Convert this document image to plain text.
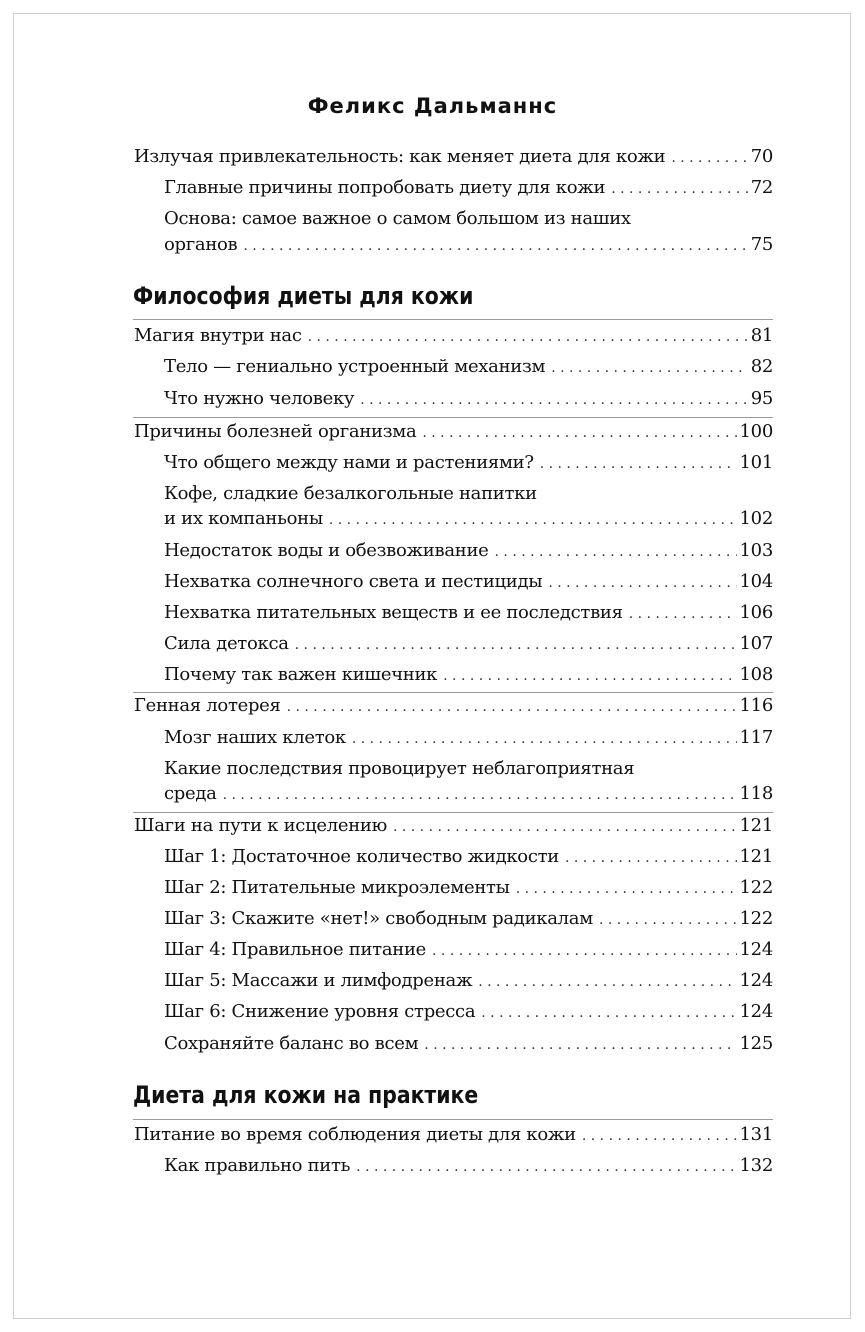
Феликс Дальманнс
Излучая привлекательность: как меняет диета для кожи . . .	70
Главные причины попробовать диету для кожи . . .	72
Основа: самое важное о самом большом из наших
органов . . .	75
Философия диеты для кожи
Магия внутри нас . . .	81
Тело — гениально устроенный механизм . . .	82
Что нужно человеку . . .	95
Причины болезней организма . . .	100
Что общего между нами и растениями? . . .	101
Кофе, сладкие безалкогольные напитки
и их компаньоны . . .	102
Недостаток воды и обезвоживание . . .	103
Нехватка солнечного света и пестициды . . .	104
Нехватка питательных веществ и ее последствия . . .	106
Сила детокса . . .	107
Почему так важен кишечник . . .	108
Генная лотерея . . .	116
Мозг наших клеток . . .	117
Какие последствия провоцирует неблагоприятная
среда . . .	118
Шаги на пути к исцелению . . .	121
Шаг 1: Достаточное количество жидкости . . .	121
Шаг 2: Питательные микроэлементы . . .	122
Шаг 3: Скажите «нет!» свободным радикалам . . .	122
Шаг 4: Правильное питание . . .	124
Шаг 5: Массажи и лимфодренаж . . .	124
Шаг 6: Снижение уровня стресса . . .	124
Сохраняйте баланс во всем . . .	125
Диета для кожи на практике
Питание во время соблюдения диеты для кожи . . .	131
Как правильно пить . . .	132
